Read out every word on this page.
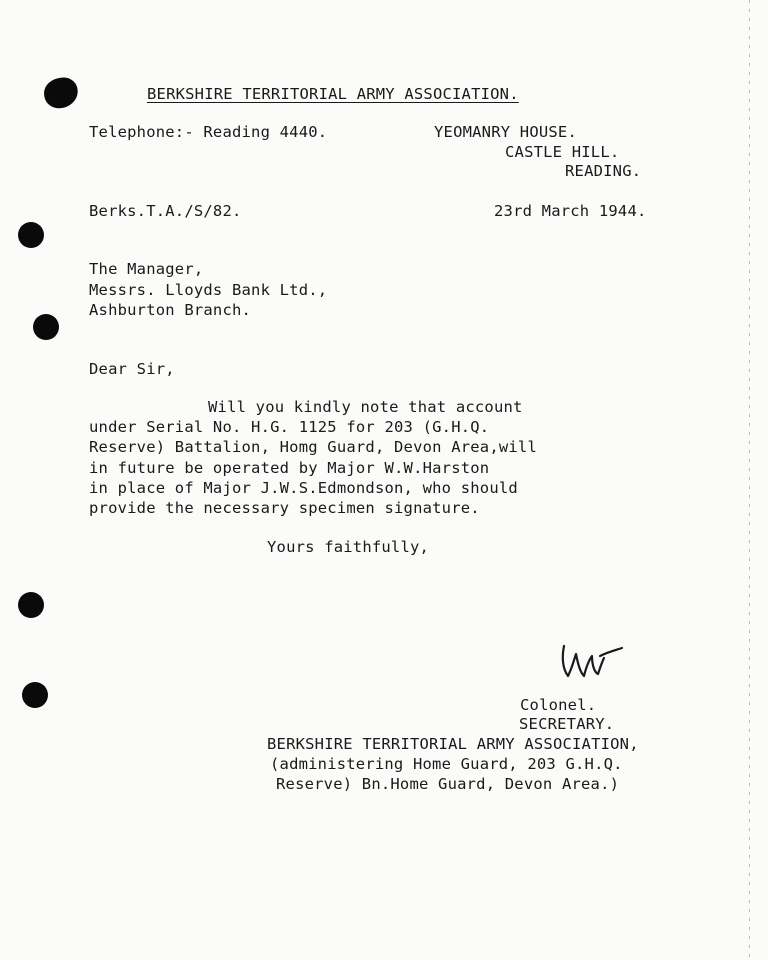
BERKSHIRE TERRITORIAL ARMY ASSOCIATION.
Telephone:- Reading 4440.	YEOMANRY HOUSE.
CASTLE HILL.
READING.
Berks.T.A./S/82.	23rd March 1944.
The Manager,
Messrs. Lloyds Bank Ltd.,
Ashburton Branch.
Dear Sir,
Will you kindly note that account
under Serial No. H.G. 1125 for 203 (G.H.Q.
Reserve) Battalion, Homg Guard, Devon Area,will
in future be operated by Major W.W.Harston
in place of Major J.W.S.Edmondson, who should
provide the necessary specimen signature.
Yours faithfully,
Colonel.
SECRETARY.
BERKSHIRE TERRITORIAL ARMY ASSOCIATION,
(administering Home Guard, 203 G.H.Q.
Reserve) Bn.Home Guard, Devon Area.)
